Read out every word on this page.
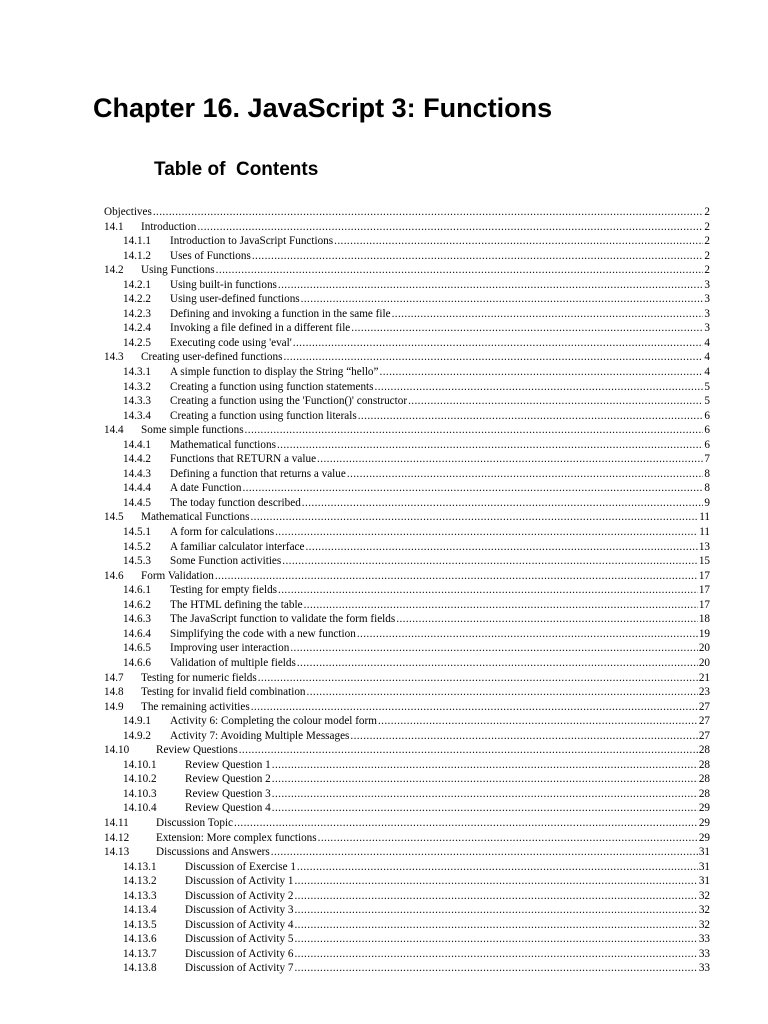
Chapter 16. JavaScript 3: Functions
Table of  Contents
Objectives .....	2
14.1	Introduction .....	2
14.1.1	Introduction to JavaScript Functions .....	2
14.1.2	Uses of Functions .....	2
14.2	Using Functions .....	2
14.2.1	Using built-in functions .....	3
14.2.2	Using user-defined functions .....	3
14.2.3	Defining and invoking a function in the same file .....	3
14.2.4	Invoking a file defined in a different file .....	3
14.2.5	Executing code using 'eval' .....	4
14.3	Creating user-defined functions .....	4
14.3.1	A simple function to display the String “hello” .....	4
14.3.2	Creating a function using function statements .....	5
14.3.3	Creating a function using the 'Function()' constructor .....	5
14.3.4	Creating a function using function literals .....	6
14.4	Some simple functions .....	6
14.4.1	Mathematical functions .....	6
14.4.2	Functions that RETURN a value .....	7
14.4.3	Defining a function that returns a value .....	8
14.4.4	A date Function .....	8
14.4.5	The today function described .....	9
14.5	Mathematical Functions .....	11
14.5.1	A form for calculations .....	11
14.5.2	A familiar calculator interface .....	13
14.5.3	Some Function activities .....	15
14.6	Form Validation .....	17
14.6.1	Testing for empty fields .....	17
14.6.2	The HTML defining the table .....	17
14.6.3	The JavaScript function to validate the form fields .....	18
14.6.4	Simplifying the code with a new function .....	19
14.6.5	Improving user interaction .....	20
14.6.6	Validation of multiple fields .....	20
14.7	Testing for numeric fields .....	21
14.8	Testing for invalid field combination .....	23
14.9	The remaining activities .....	27
14.9.1	Activity 6: Completing the colour model form .....	27
14.9.2	Activity 7: Avoiding Multiple Messages .....	27
14.10	Review Questions .....	28
14.10.1	Review Question 1 .....	28
14.10.2	Review Question 2 .....	28
14.10.3	Review Question 3 .....	28
14.10.4	Review Question 4 .....	29
14.11	Discussion Topic .....	29
14.12	Extension: More complex functions .....	29
14.13	Discussions and Answers .....	31
14.13.1	Discussion of Exercise 1 .....	31
14.13.2	Discussion of Activity 1 .....	31
14.13.3	Discussion of Activity 2 .....	32
14.13.4	Discussion of Activity 3 .....	32
14.13.5	Discussion of Activity 4 .....	32
14.13.6	Discussion of Activity 5 .....	33
14.13.7	Discussion of Activity 6 .....	33
14.13.8	Discussion of Activity 7 .....	33
